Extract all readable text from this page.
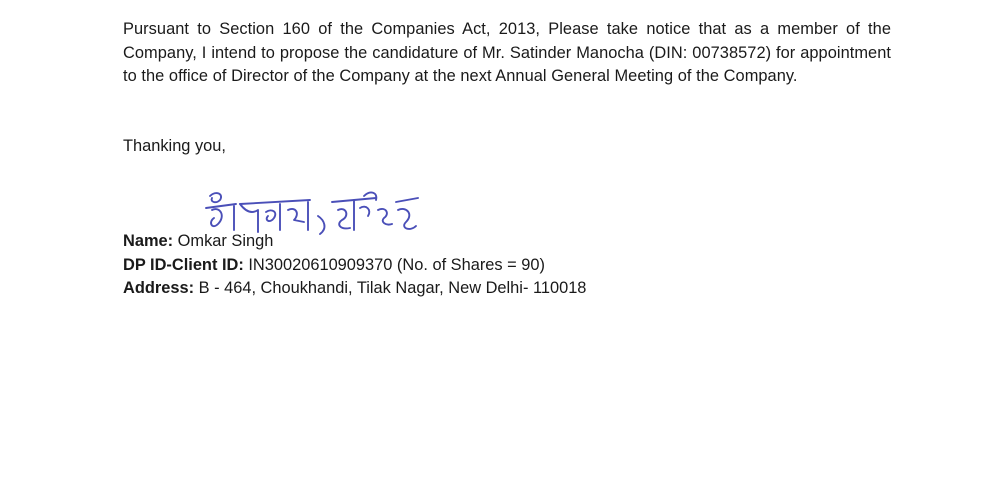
Pursuant to Section 160 of the Companies Act, 2013, Please take notice that as a member of the Company, I intend to propose the candidature of Mr. Satinder Manocha (DIN: 00738572) for appointment to the office of Director of the Company at the next Annual General Meeting of the Company.
Thanking you,
Name: Omkar Singh
DP ID-Client ID: IN30020610909370 (No. of Shares = 90)
Address: B - 464, Choukhandi, Tilak Nagar, New Delhi- 110018
